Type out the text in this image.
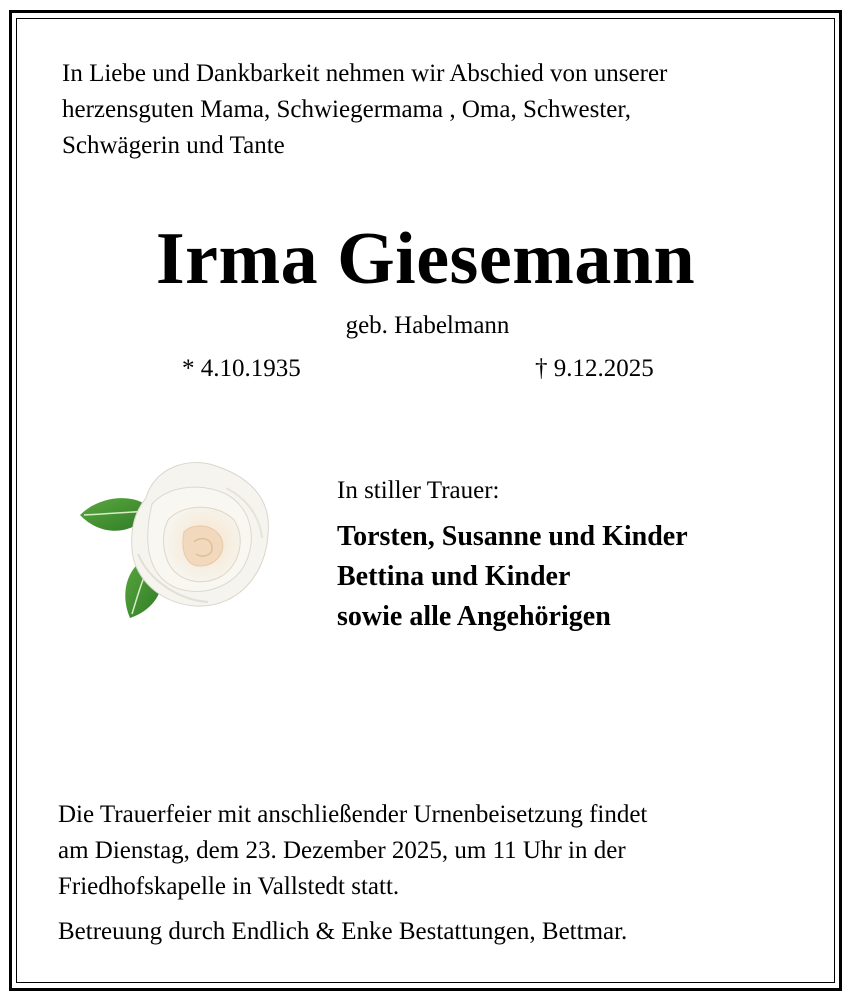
In Liebe und Dankbarkeit nehmen wir Abschied von unserer
herzensguten Mama, Schwiegermama , Oma, Schwester,
Schwägerin und Tante

Irma Giesemann

geb. Habelmann

* 4.10.1935	† 9.12.2025
In stiller Trauer:
Torsten, Susanne und Kinder
Bettina und Kinder
sowie alle Angehörigen

Die Trauerfeier mit anschließender Urnenbeisetzung findet
am Dienstag, dem 23. Dezember 2025, um 11 Uhr in der
Friedhofskapelle in Vallstedt statt.

Betreuung durch Endlich & Enke Bestattungen, Bettmar.
